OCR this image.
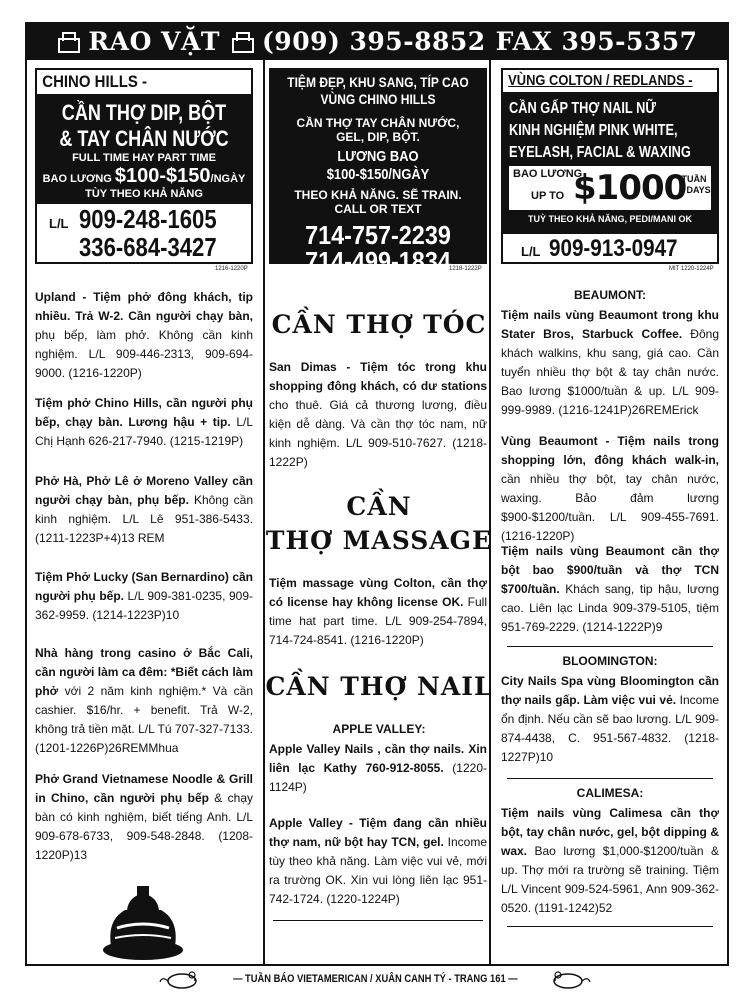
RAO VẶT (909) 395-8852 FAX 395-5357
CHINO HILLS -
CẦN THỢ DIP, BỘT
& TAY CHÂN NƯỚC
FULL TIME HAY PART TIME
BAO LƯƠNG $100-$150/NGÀY
TÙY THEO KHẢ NĂNG
L/L 909-248-1605
336-684-3427
1216-1220P
Upland - Tiệm phở đông khách, tip nhiều. Trả W-2. Cần người chạy bàn, phụ bếp, làm phở. Không cần kinh nghiệm. L/L 909-446-2313, 909-694-9000. (1216-1220P)
Tiệm phở Chino Hills, cần người phụ bếp, chạy bàn. Lương hậu + tip. L/L Chị Hạnh 626-217-7940. (1215-1219P)
Phở Hà, Phở Lê ở Moreno Valley cần người chạy bàn, phụ bếp. Không cần kinh nghiệm. L/L Lê 951-386-5433. (1211-1223P+4)13 REM
Tiệm Phở Lucky (San Bernardino) cần người phụ bếp. L/L 909-381-0235, 909-362-9959. (1214-1223P)10
Nhà hàng trong casino ở Bắc Cali, cần người làm ca đêm: *Biết cách làm phở với 2 năm kinh nghiệm.* Và cần cashier. $16/hr. + benefit. Trả W-2, không trả tiền mặt. L/L Tú 707-327-7133. (1201-1226P)26REMMhua
Phở Grand Vietnamese Noodle & Grill in Chino, cần người phụ bếp & chạy bàn có kinh nghiệm, biết tiếng Anh. L/L 909-678-6733, 909-548-2848. (1208-1220P)13
TIỆM ĐẸP, KHU SANG, TÍP CAO
VÙNG CHINO HILLS
CẦN THỢ TAY CHÂN NƯỚC,
GEL, DIP, BỘT.
LƯƠNG BAO $100-$150/NGÀY
THEO KHẢ NĂNG. SẼ TRAIN.
CALL OR TEXT
714-757-2239
714-499-1834
1218-1222P
CẦN THỢ TÓC
San Dimas - Tiệm tóc trong khu shopping đông khách, có dư stations cho thuê. Giá cả thương lương, điều kiện dễ dàng. Và cần thợ tóc nam, nữ kinh nghiệm. L/L 909-510-7627. (1218-1222P)
CẦN
THỢ MASSAGE
Tiệm massage vùng Colton, cần thợ có license hay không license OK. Full time hat part time. L/L 909-254-7894, 714-724-8541. (1216-1220P)
CẦN THỢ NAIL
APPLE VALLEY:
Apple Valley Nails , cần thợ nails. Xin liên lạc Kathy 760-912-8055. (1220-1124P)
Apple Valley - Tiệm đang cần nhiều thợ nam, nữ bột hay TCN, gel. Income tùy theo khả năng. Làm việc vui vẻ, mới ra trường OK. Xin vui lòng liên lạc 951-742-1724. (1220-1224P)
VÙNG COLTON / REDLANDS -
CẦN GẤP THỢ NAIL NỮ
KINH NGHIỆM PINK WHITE,
EYELASH, FACIAL & WAXING
BAO LƯƠNG
UP TO $1000
/TUẦN
6 DAYS
TUỲ THEO KHẢ NĂNG, PEDI/MANI OK
L/L 909-913-0947
MIT 1220-1224P
BEAUMONT:
Tiệm nails vùng Beaumont trong khu Stater Bros, Starbuck Coffee. Đông khách walkins, khu sang, giá cao. Cần tuyển nhiều thợ bột & tay chân nước. Bao lương $1000/tuần & up. L/L 909-999-9989. (1216-1241P)26REMErick
Vùng Beaumont - Tiệm nails trong shopping lớn, đông khách walk-in, cần nhiều thợ bột, tay chân nước, waxing. Bảo đảm lương $900-$1200/tuần. L/L 909-455-7691. (1216-1220P)
Tiệm nails vùng Beaumont cần thợ bột bao $900/tuần và thợ TCN $700/tuần. Khách sang, tip hậu, lương cao. Liên lạc Linda 909-379-5105, tiệm 951-769-2229. (1214-1222P)9
BLOOMINGTON:
City Nails Spa vùng Bloomington cần thợ nails gấp. Làm việc vui vẻ. Income ổn định. Nếu cần sẽ bao lương. L/L 909-874-4438, C. 951-567-4832. (1218-1227P)10
CALIMESA:
Tiệm nails vùng Calimesa cần thợ bột, tay chân nước, gel, bột dipping & wax. Bao lương $1,000-$1200/tuần & up. Thợ mới ra trường sẽ training. Tiệm L/L Vincent 909-524-5961, Ann 909-362-0520. (1191-1242)52
— TUẦN BÁO VIETAMERICAN / XUÂN CANH TÝ - TRANG 161 —
